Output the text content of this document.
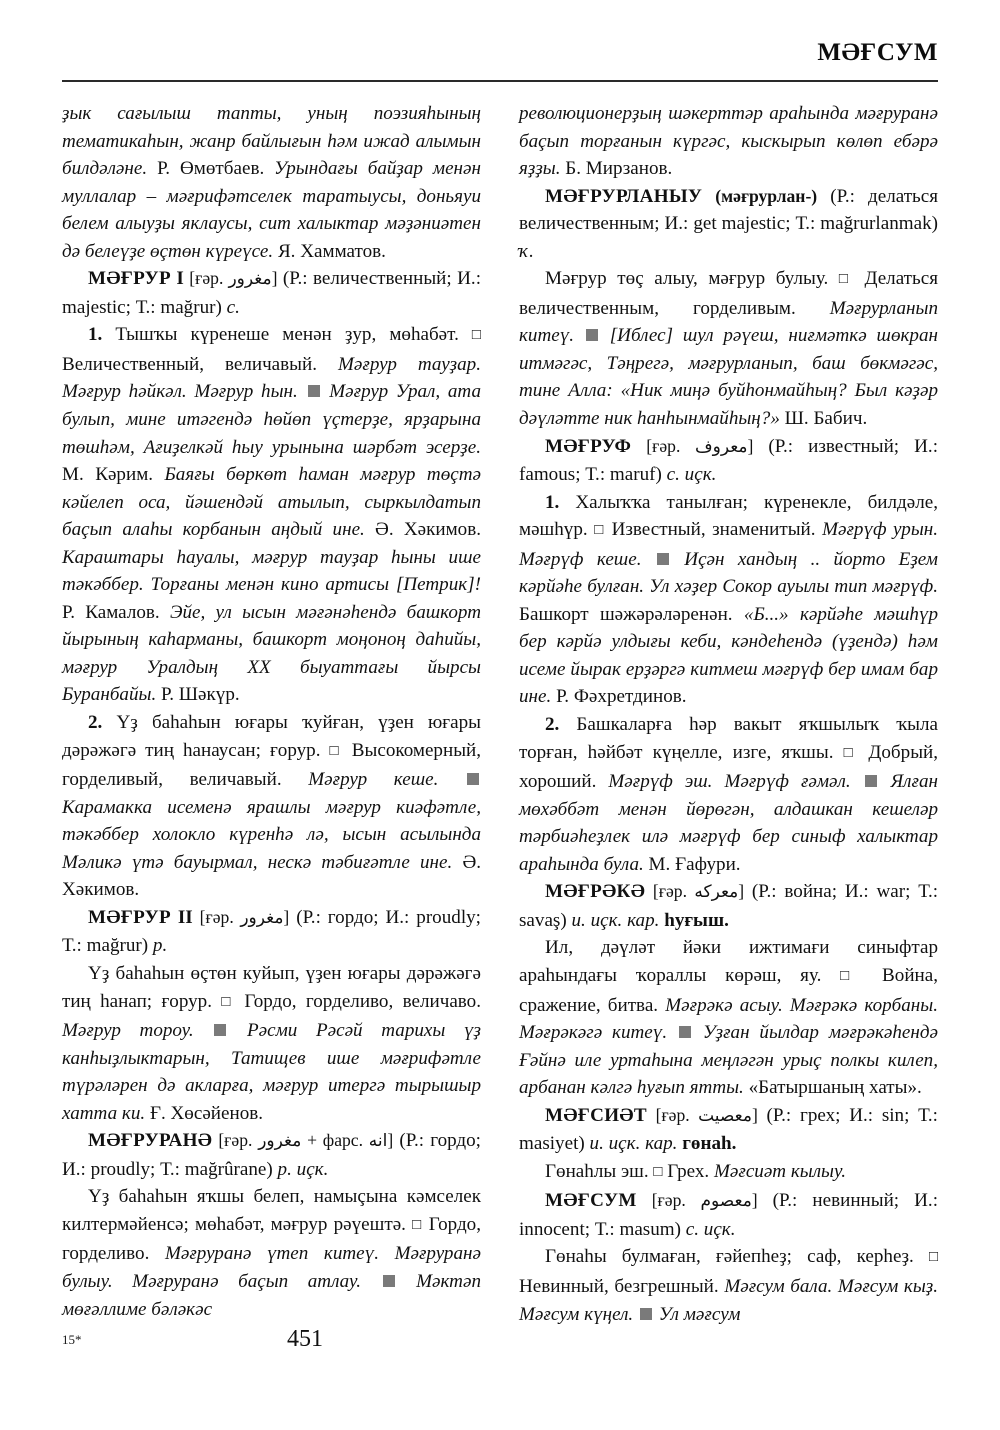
МӘҒСУМ

ҙык сағылыш тапты, уның поэзияһының тематикаһын, жанр байлығын һәм ижад алымын билдәләне. Р. Өмөтбаев. Урындағы байҙар менән муллалар – мәғрифәтселек таратыусы, доньяуи белем алыуҙы яклаусы, сит халыктар мәҙәниәтен дә белеүҙе өçтөн күреүсе. Я. Хамматов.

МӘҒРУР I [ғәр. مغرور] (Р.: величественный; И.: majestic; Т.: mağrur) с.

1. Тышҡы күренеше менән ҙур, мөһабәт. □ Величественный, величавый. Мәғрур тауҙар. Мәғрур һәйкәл. Мәғрур һын. Мәғрур Урал, ата булып, мине итәгендә һөйөп үçтерҙе, ярҙарына төшһәм, Ағиҙелкәй һыу урынына шәрбәт эсерҙе. М. Кәрим. Баяғы бөркөт һаман мәғрур төçтә кәйелеп оса, йәшендәй атылып, сыркылдатып баçып алаһы корбанын аңдый ине. Ә. Хәкимов. Караштары һауалы, мәғрур тауҙар һыны ише тәкәббер. Торғаны менән кино артисы [Петрик]! Р. Камалов. Эйе, ул ысын мәғәнәһендә башкорт йырының каһарманы, башкорт моңоноң даһийы, мәғрур Уралдың XX быуаттағы йырсы Буранбайы. Р. Шәкүр.

2. Үҙ баһаһын юғары ҡуйған, үҙен юғары дәрәжәгә тиң һанаусан; ғорур. □ Высокомерный, горделивый, величавый. Мәғрур кеше.  Карамакка исеменә ярашлы мәғрур киәфәтле, тәкәббер холокло күренһә лә, ысын асылында Мәликә үтә бауырмал, нескә тәбиғәтле ине. Ә. Хәкимов.

МӘҒРУР II [ғәр. مغرور] (Р.: гордо; И.: proudly; Т.: mağrur) р.

Үҙ баһаһын өçтөн куйып, үҙен юғары дәрәжәгә тиң һанап; ғорур. □ Гордо, горделиво, величаво. Мәғрур тороу.	Рәсми Рәсәй тарихы үҙ канһыҙлыктарын, Татищев ише мәғрифәтле түрәләрен дә акларға, мәғрур итергә тырышыр хатта ки. Ғ. Хөсәйенов.

МӘҒРУРАНӘ [ғәр. مغرور + фарс. انه] (Р.: гордо; И.: proudly; Т.: mağrûrane) р. иçк.

Үҙ баһаһын яҡшы белеп, намыçына кәмселек килтермәйенсә; мөһабәт, мәғрур рәүештә. □ Гордо, горделиво. Мәғруранә үтеп китеү. Мәғруранә булыу. Мәғруранә баçып атлау.	Мәктәп мөғәллиме бәләкәс

революционерҙың шәкерттәр араһында мәғруранә баçып торғанын күргәс, кыскырып көлөп ебәрә яҙҙы. Б. Мирзанов.

МӘҒРУРЛАНЫУ (мәғрурлан-) (Р.: делаться величественным; И.: get majestic; Т.: mağrurlanmak) ҡ.

Мәғрур төç алыу, мәғрур булыу. □ Делаться величественным, горделивым. Мәғрурланып китеү. [Иблес] шул рәүеш, ниғмәткә шөкран итмәгәс, Тәңрегә, мәғрурланып, баш бөкмәгәс, тине Алла: «Ник миңә буйһонмайһың? Был кәҙәр дәүләтте ник һанһынмайһың?» Ш. Бабич.

МӘҒРУФ [ғәр. معروف] (Р.: известный; И.: famous; Т.: maruf) с. иçк.

1. Халыҡҡа танылған; күренекле, билдәле, мәшһүр. □ Известный, знаменитый. Мәғрүф урын. Мәғрүф кеше. Иçән хандың .. йорто Еҙем кәрйәһе булған. Ул хәҙер Сокор ауылы тип мәғрүф. Башкорт шәжәрәләренән. «Б...» кәрйәһе мәшһүр бер кәрйә улдығы кеби, кәндеһендә (үҙендә) һәм исеме йырак ерҙәргә китмеш мәғрүф бер имам бар ине. Р. Фәхретдинов.

2. Башкаларға һәр вакыт яҡшылыҡ ҡыла торған, һәйбәт күңелле, изге, яҡшы. □ Добрый, хороший. Мәғрүф эш. Мәғрүф ғәмәл. Ялған мөхәббәт менән йөрөгән, алдашкан кешеләр тәрбиәһеҙлек илә мәғрүф бер синыф халыктар араһында була. М. Ғафури.

МӘҒРӘКӘ [ғәр. معركه] (Р.: война; И.: war; Т.: savaş) и. иçк. кар. һуғыш.

Ил, дәүләт йәки ижтимағи синыфтар араһындағы ҡораллы көрәш, яу. □	Война, сражение, битва. Мәғрәкә асыу. Мәғрәкә корбаны. Мәғрәкәгә китеү. Уҙған йылдар мәғрәкәһендә Ғәйнә иле уртаһына меңләгән урыç полкы килеп, арбанан кәлгә һуғып ятты. «Батыршаның хаты».

МӘҒСИӘТ [ғәр. معصيت] (Р.: грех; И.: sin; Т.: masiyet) и. иçк. кар. гөнаһ.

Гөнаһлы эш. □ Грех. Мәғсиәт кылыу.

МӘҒСУМ [ғәр. معصوم] (Р.: невинный; И.: innocent; Т.: masum) с. иçк.

Гөнаһы булмаған, ғәйепһеҙ; саф, керһеҙ. □ Невинный, безгрешный. Мәғсум бала. Мәғсум кыҙ. Мәғсум күңел. Ул мәғсум

15*	451
